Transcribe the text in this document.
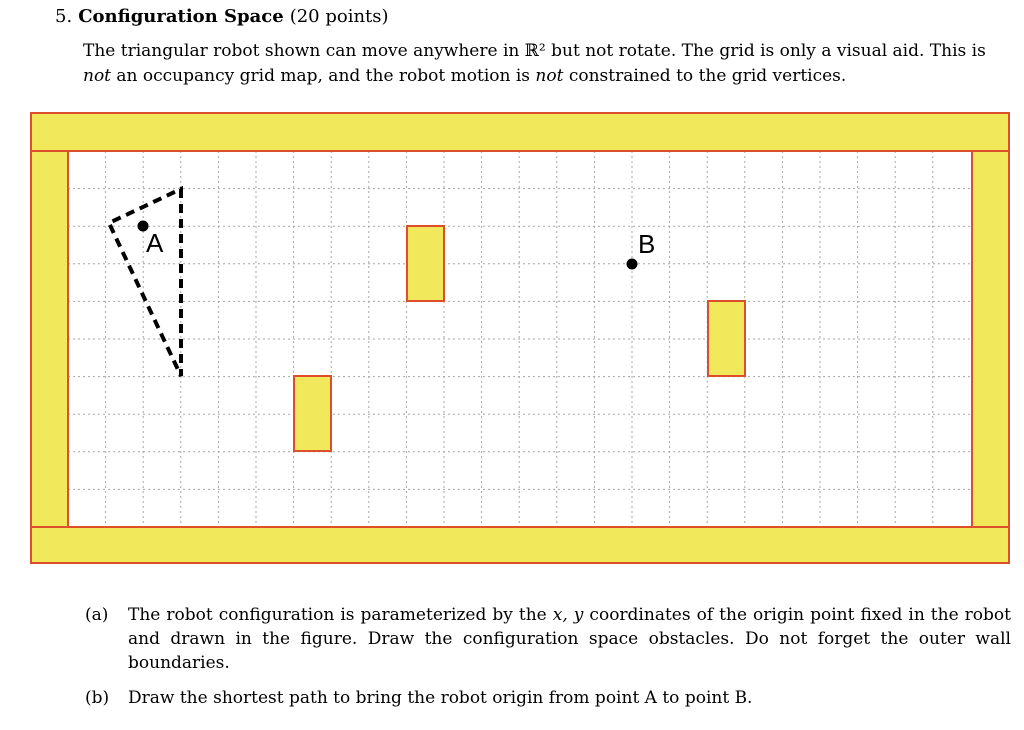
5. Configuration Space (20 points)
The triangular robot shown can move anywhere in ℝ² but not rotate. The grid is only a visual aid. This is not an occupancy grid map, and the robot motion is not constrained to the grid vertices.
A	B
(a) The robot configuration is parameterized by the x, y coordinates of the origin point fixed in the robot and drawn in the figure. Draw the configuration space obstacles. Do not forget the outer wall boundaries.
(b) Draw the shortest path to bring the robot origin from point A to point B.
